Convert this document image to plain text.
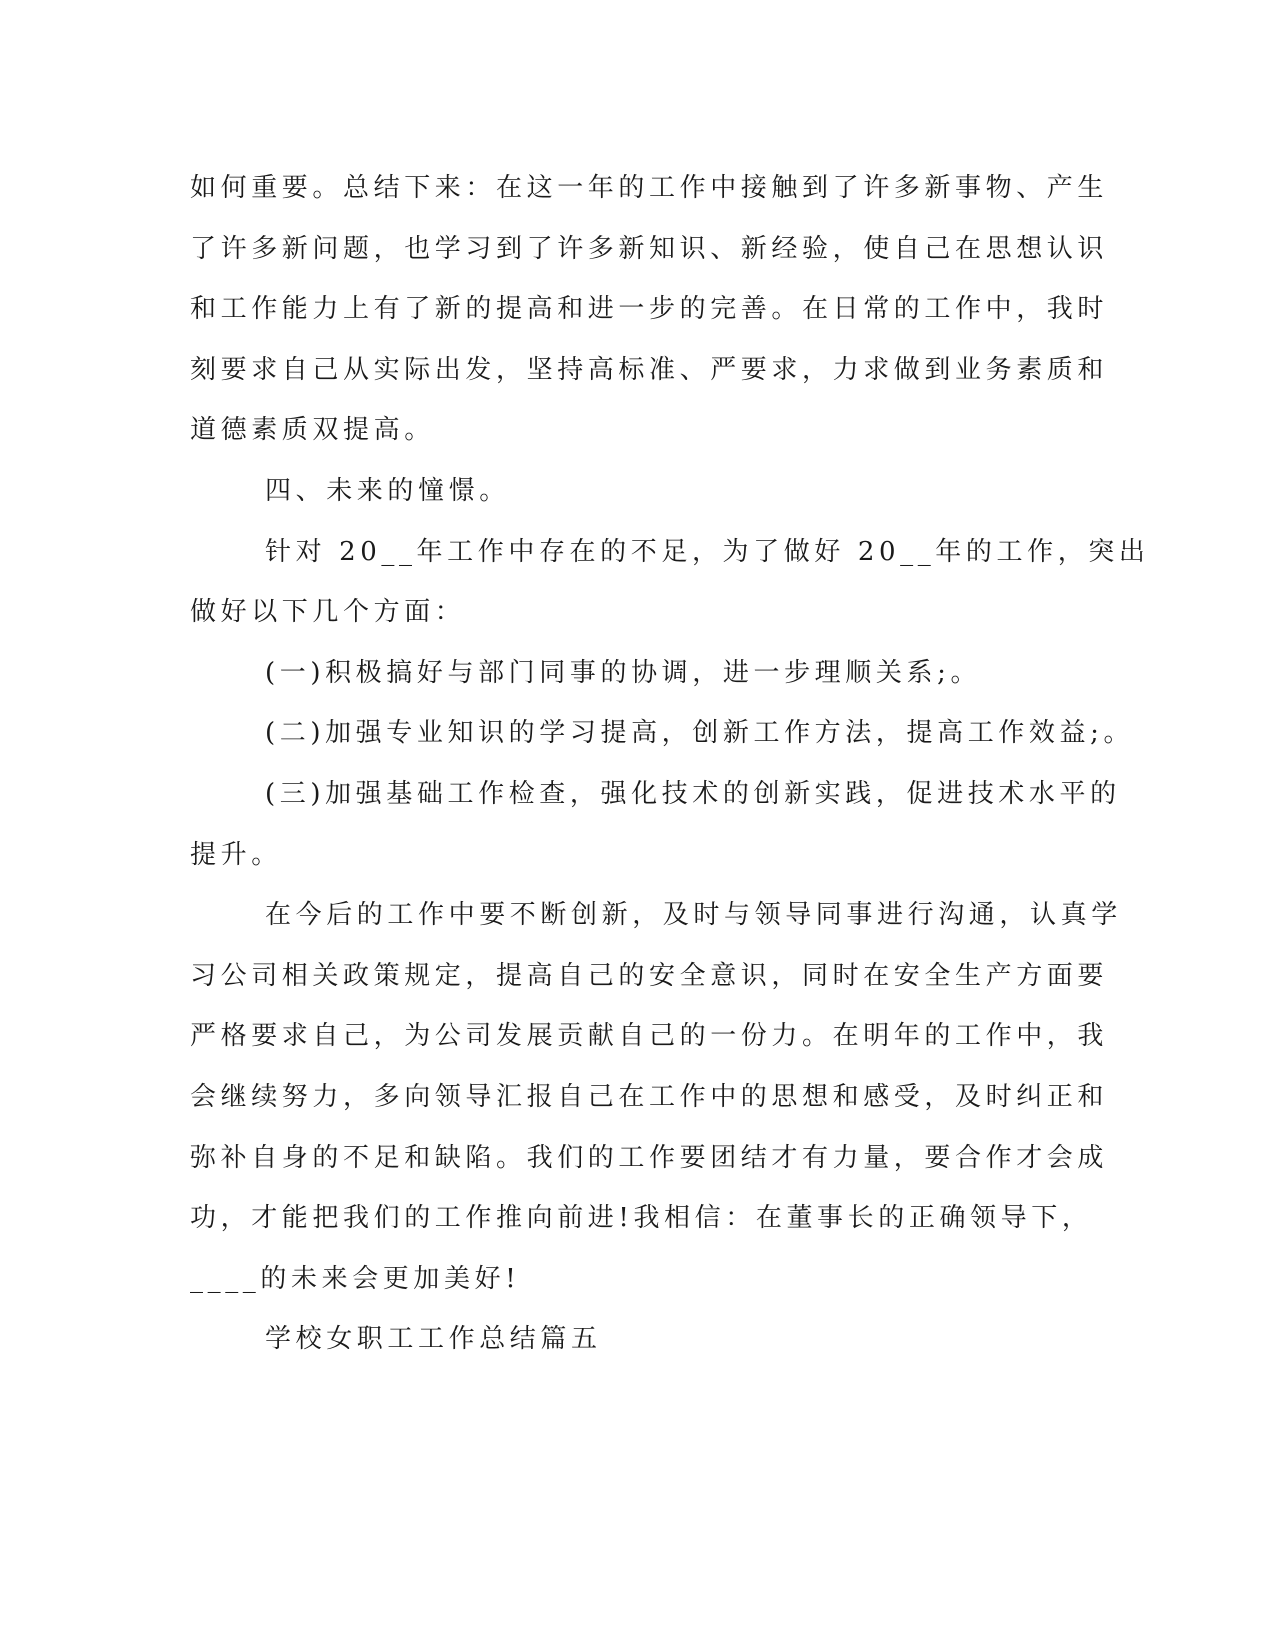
如何重要。总结下来：在这一年的工作中接触到了许多新事物、产生
了许多新问题，也学习到了许多新知识、新经验，使自己在思想认识
和工作能力上有了新的提高和进一步的完善。在日常的工作中，我时
刻要求自己从实际出发，坚持高标准、严要求，力求做到业务素质和
道德素质双提高。

四、未来的憧憬。

针对 20__年工作中存在的不足，为了做好 20__年的工作，突出
做好以下几个方面：

(一)积极搞好与部门同事的协调，进一步理顺关系;。

(二)加强专业知识的学习提高，创新工作方法，提高工作效益;。

(三)加强基础工作检查，强化技术的创新实践，促进技术水平的
提升。

在今后的工作中要不断创新，及时与领导同事进行沟通，认真学
习公司相关政策规定，提高自己的安全意识，同时在安全生产方面要
严格要求自己，为公司发展贡献自己的一份力。在明年的工作中，我
会继续努力，多向领导汇报自己在工作中的思想和感受，及时纠正和
弥补自身的不足和缺陷。我们的工作要团结才有力量，要合作才会成
功，才能把我们的工作推向前进!我相信：在董事长的正确领导下，
____的未来会更加美好!

学校女职工工作总结篇五
